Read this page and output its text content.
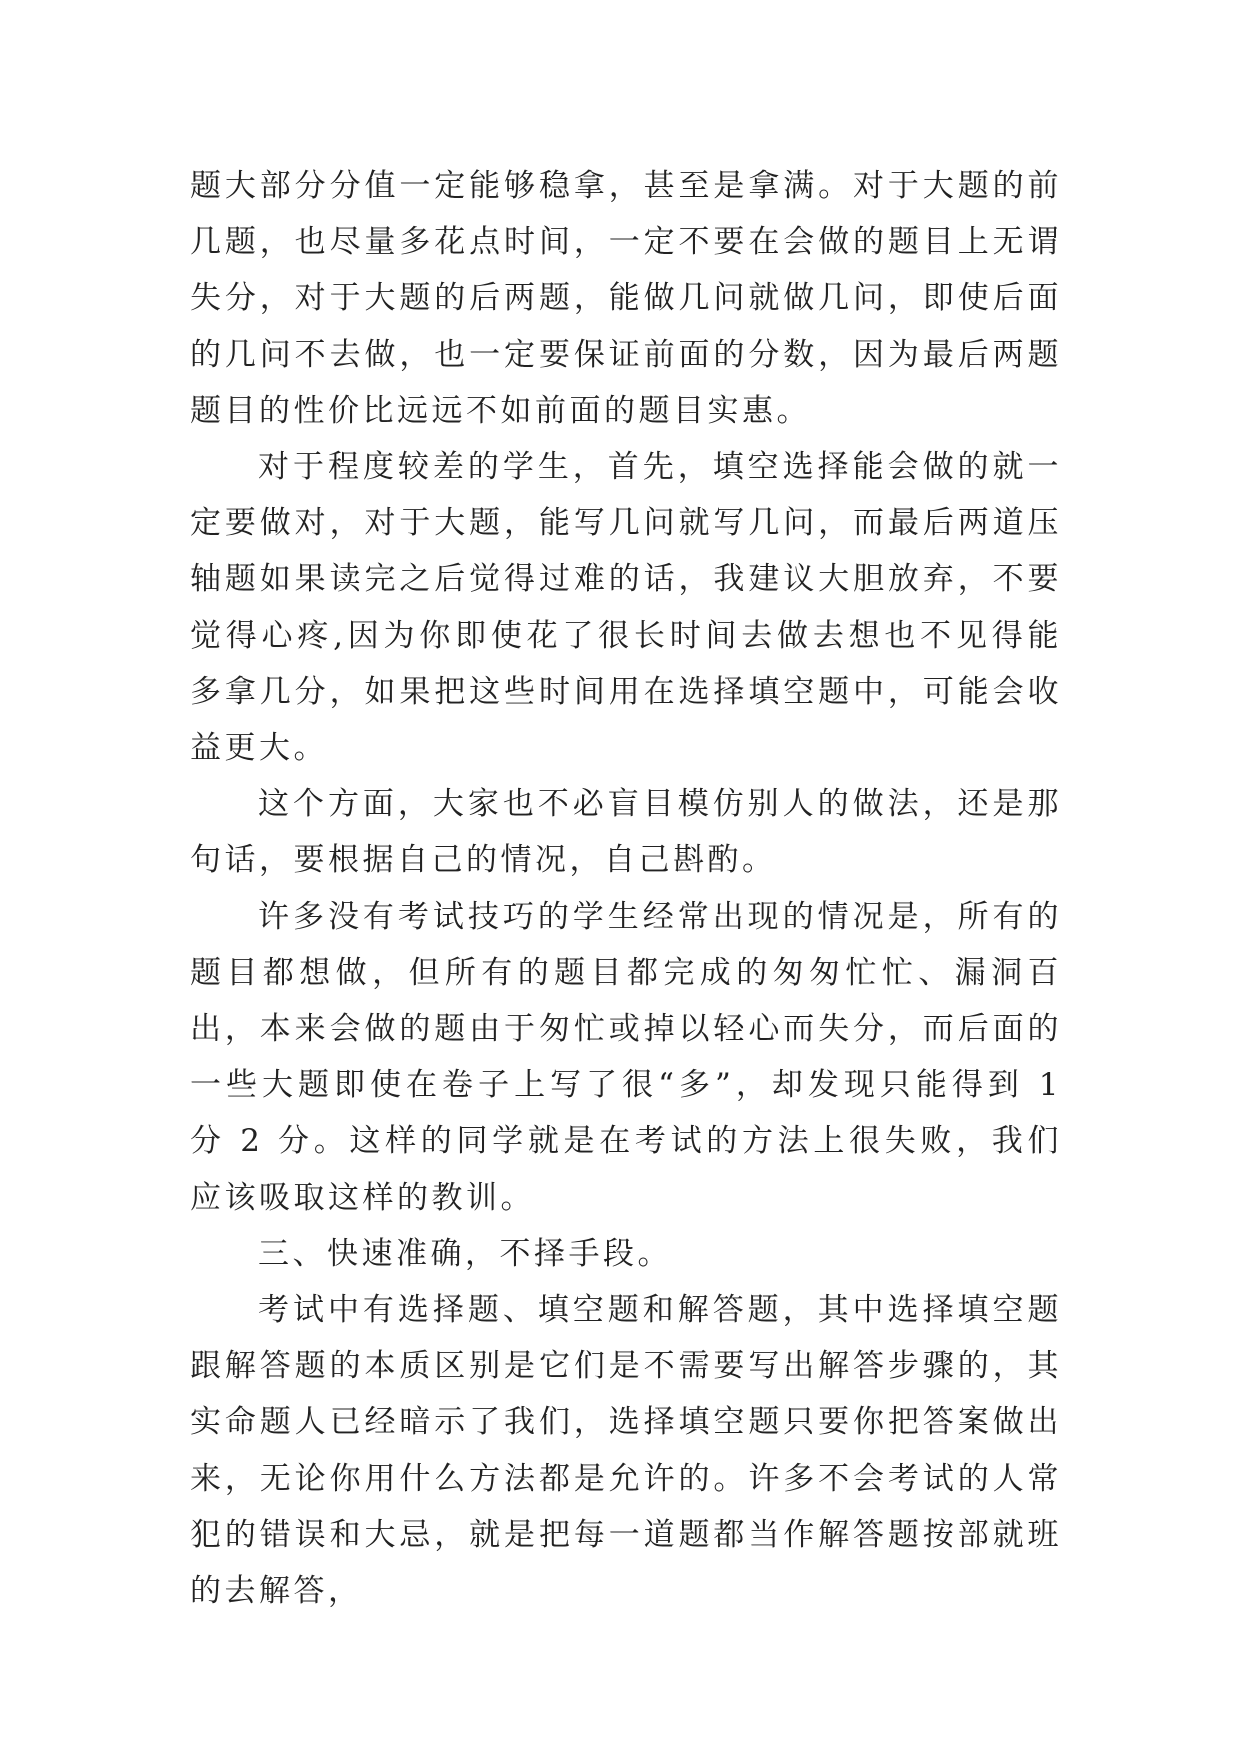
题大部分分值一定能够稳拿，甚至是拿满。对于大题的前几题，也尽量多花点时间，一定不要在会做的题目上无谓失分，对于大题的后两题，能做几问就做几问，即使后面的几问不去做，也一定要保证前面的分数，因为最后两题题目的性价比远远不如前面的题目实惠。

对于程度较差的学生，首先，填空选择能会做的就一定要做对，对于大题，能写几问就写几问，而最后两道压轴题如果读完之后觉得过难的话，我建议大胆放弃，不要觉得心疼,因为你即使花了很长时间去做去想也不见得能多拿几分，如果把这些时间用在选择填空题中，可能会收益更大。

这个方面，大家也不必盲目模仿别人的做法，还是那句话，要根据自己的情况，自己斟酌。

许多没有考试技巧的学生经常出现的情况是，所有的题目都想做，但所有的题目都完成的匆匆忙忙、漏洞百出，本来会做的题由于匆忙或掉以轻心而失分，而后面的一些大题即使在卷子上写了很“多”，却发现只能得到 1 分 2 分。这样的同学就是在考试的方法上很失败，我们应该吸取这样的教训。

三、快速准确，不择手段。

考试中有选择题、填空题和解答题，其中选择填空题跟解答题的本质区别是它们是不需要写出解答步骤的，其实命题人已经暗示了我们，选择填空题只要你把答案做出来，无论你用什么方法都是允许的。许多不会考试的人常犯的错误和大忌，就是把每一道题都当作解答题按部就班的去解答，
